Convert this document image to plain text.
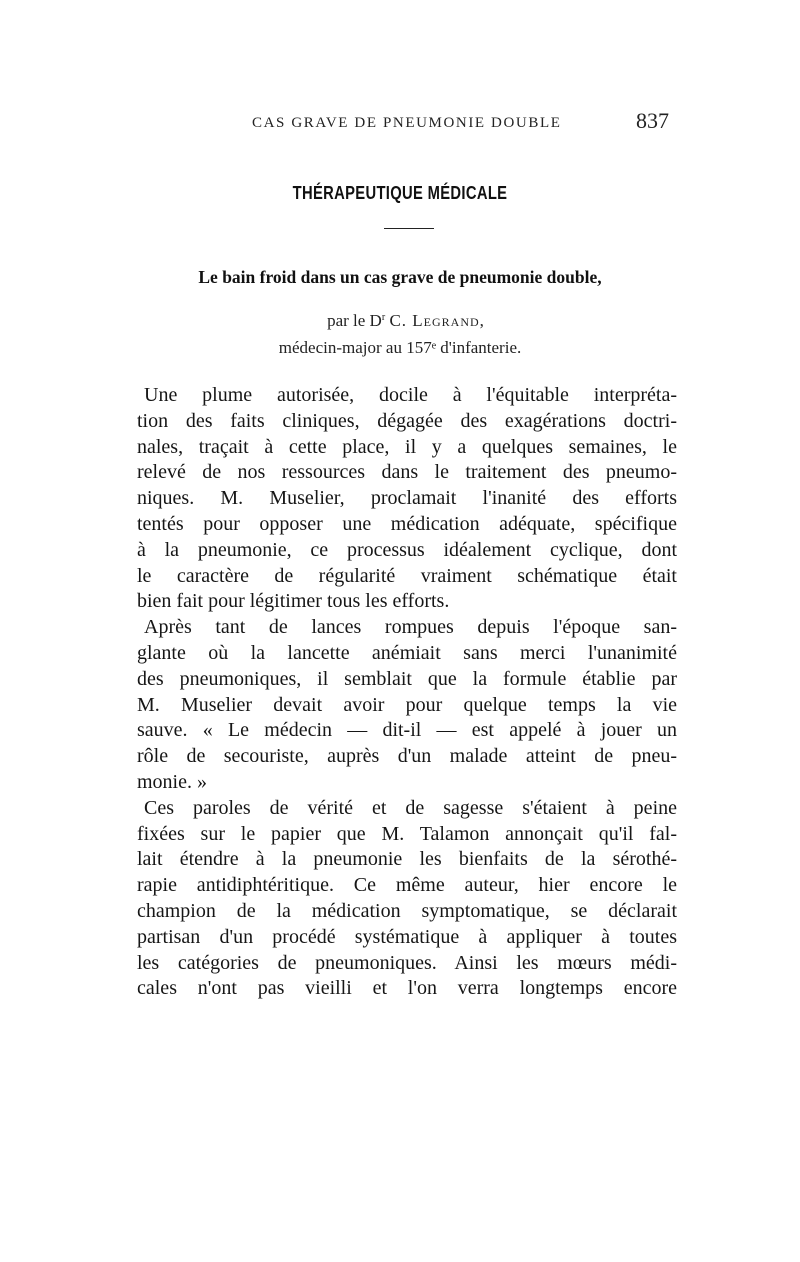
CAS GRAVE DE PNEUMONIE DOUBLE	837
THÉRAPEUTIQUE MÉDICALE
Le bain froid dans un cas grave de pneumonie double,
par le $D^r$ C. Legrand,
médecin-major au 157ᵉ d'infanterie.
Une plume autorisée, docile à l'équitable interpréta-
tion des faits cliniques, dégagée des exagérations doctri-
nales, traçait à cette place, il y a quelques semaines, le
relevé de nos ressources dans le traitement des pneumo-
niques. M. Muselier, proclamait l'inanité des efforts
tentés pour opposer une médication adéquate, spécifique
à la pneumonie, ce processus idéalement cyclique, dont
le caractère de régularité vraiment schématique était
bien fait pour légitimer tous les efforts.
Après tant de lances rompues depuis l'époque san-
glante où la lancette anémiait sans merci l'unanimité
des pneumoniques, il semblait que la formule établie par
M. Muselier devait avoir pour quelque temps la vie
sauve. « Le médecin — dit-il — est appelé à jouer un
rôle de secouriste, auprès d'un malade atteint de pneu-
monie. »
Ces paroles de vérité et de sagesse s'étaient à peine
fixées sur le papier que M. Talamon annonçait qu'il fal-
lait étendre à la pneumonie les bienfaits de la sérothé-
rapie antidiphtéritique. Ce même auteur, hier encore le
champion de la médication symptomatique, se déclarait
partisan d'un procédé systématique à appliquer à toutes
les catégories de pneumoniques. Ainsi les mœurs médi-
cales n'ont pas vieilli et l'on verra longtemps encore
